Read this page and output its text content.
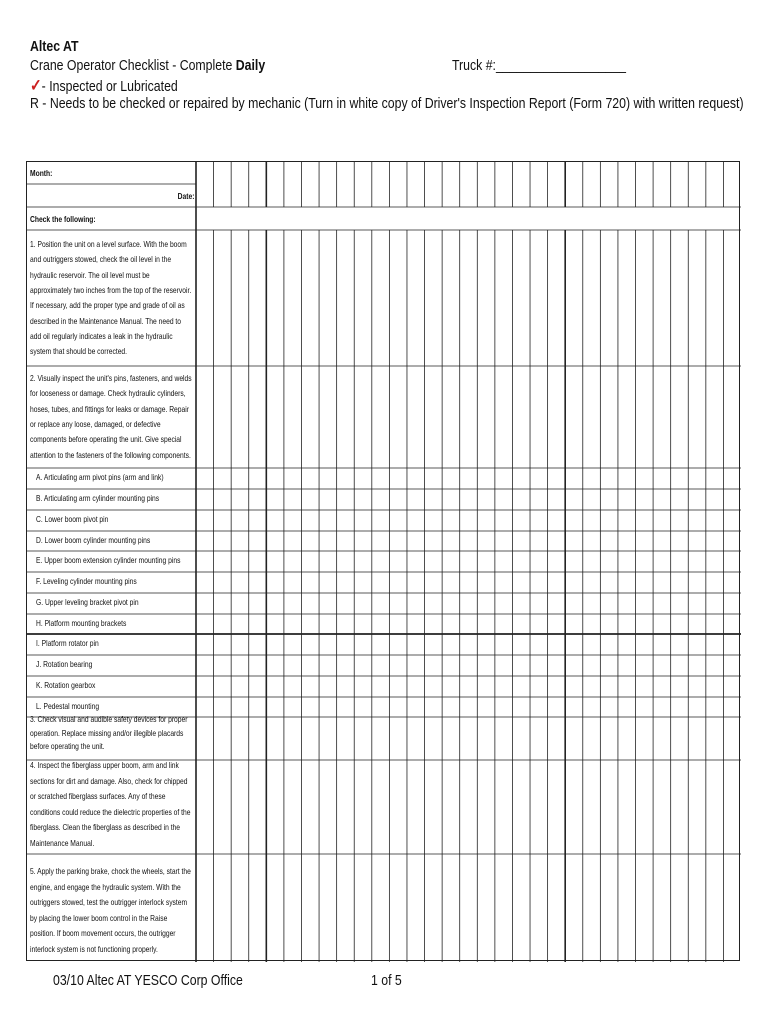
Altec AT
Crane Operator Checklist - Complete Daily	Truck #:___________________
✓- Inspected or Lubricated
R - Needs to be checked or repaired by mechanic (Turn in white copy of Driver's Inspection Report (Form 720) with written request)
Month:
Date:
Check the following:
1. Position the unit on a level surface. With the boom
and outriggers stowed, check the oil level in the
hydraulic reservoir. The oil level must be
approximately two inches from the top of the reservoir.
If necessary, add the proper type and grade of oil as
described in the Maintenance Manual. The need to
add oil regularly indicates a leak in the hydraulic
system that should be corrected.
2. Visually inspect the unit's pins, fasteners, and welds
for looseness or damage. Check hydraulic cylinders,
hoses, tubes, and fittings for leaks or damage. Repair
or replace any loose, damaged, or defective
components before operating the unit. Give special
attention to the fasteners of the following components.
A. Articulating arm pivot pins (arm and link)
B. Articulating arm cylinder mounting pins
C. Lower boom pivot pin
D. Lower boom cylinder mounting pins
E. Upper boom extension cylinder mounting pins
F. Leveling cylinder mounting pins
G. Upper leveling bracket pivot pin
H. Platform mounting brackets
I. Platform rotator pin
J. Rotation bearing
K. Rotation gearbox
L. Pedestal mounting
3. Check visual and audible safety devices for proper
operation. Replace missing and/or illegible placards
before operating the unit.
4. Inspect the fiberglass upper boom, arm and link
sections for dirt and damage. Also, check for chipped
or scratched fiberglass surfaces. Any of these
conditions could reduce the dielectric properties of the
fiberglass. Clean the fiberglass as described in the
Maintenance Manual.
5. Apply the parking brake, chock the wheels, start the
engine, and engage the hydraulic system. With the
outriggers stowed, test the outrigger interlock system
by placing the lower boom control in the Raise
position. If boom movement occurs, the outrigger
interlock system is not functioning properly.
03/10 Altec AT YESCO Corp Office	1 of 5
